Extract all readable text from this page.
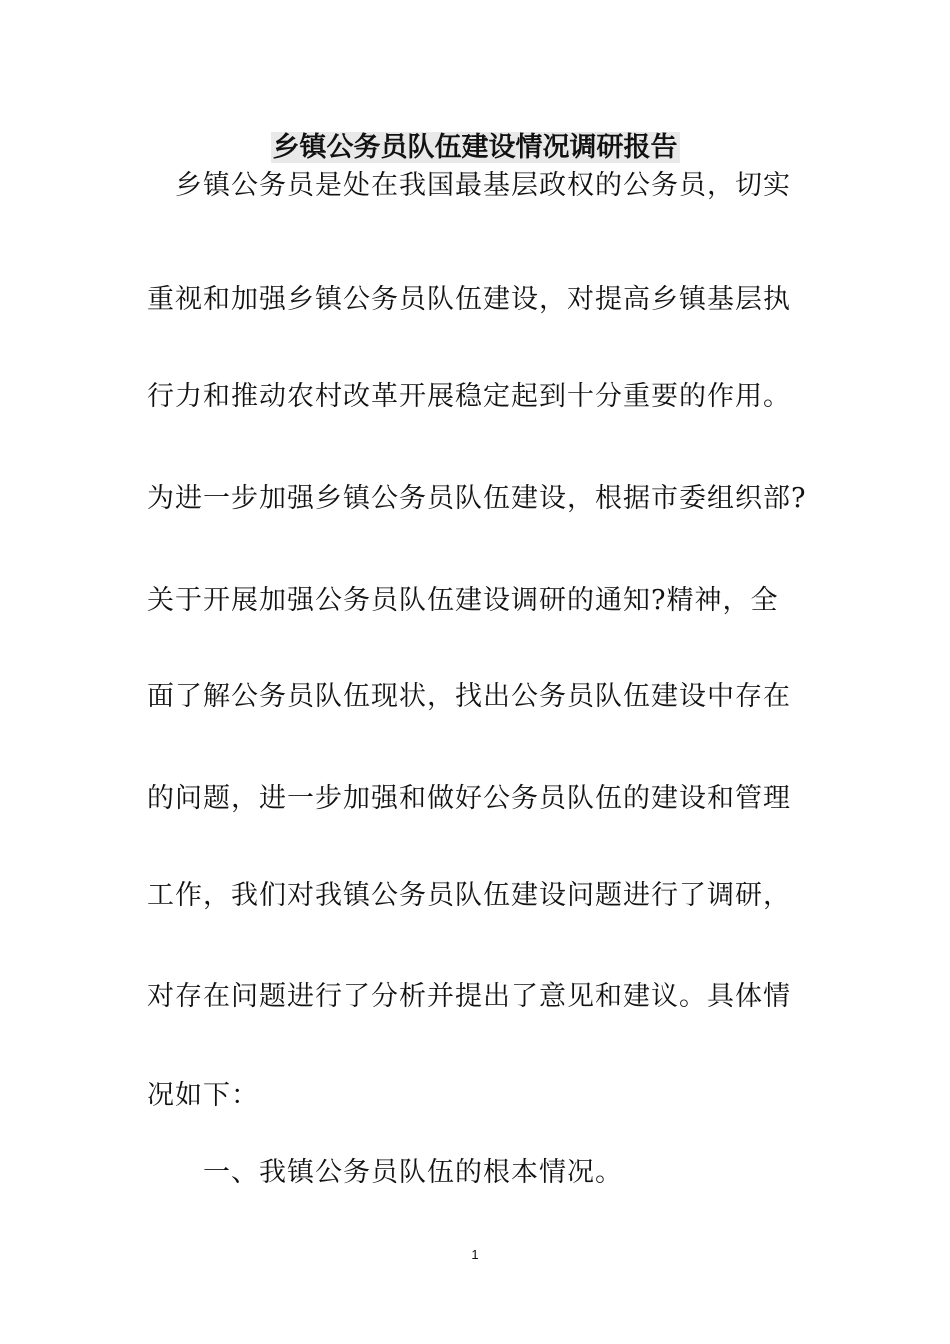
乡镇公务员队伍建设情况调研报告

　乡镇公务员是处在我国最基层政权的公务员，切实

重视和加强乡镇公务员队伍建设，对提高乡镇基层执

行力和推动农村改革开展稳定起到十分重要的作用。

为进一步加强乡镇公务员队伍建设，根据市委组织部?

关于开展加强公务员队伍建设调研的通知?精神，全

面了解公务员队伍现状，找出公务员队伍建设中存在

的问题，进一步加强和做好公务员队伍的建设和管理

工作，我们对我镇公务员队伍建设问题进行了调研，

对存在问题进行了分析并提出了意见和建议。具体情

况如下：

一、我镇公务员队伍的根本情况。

1
